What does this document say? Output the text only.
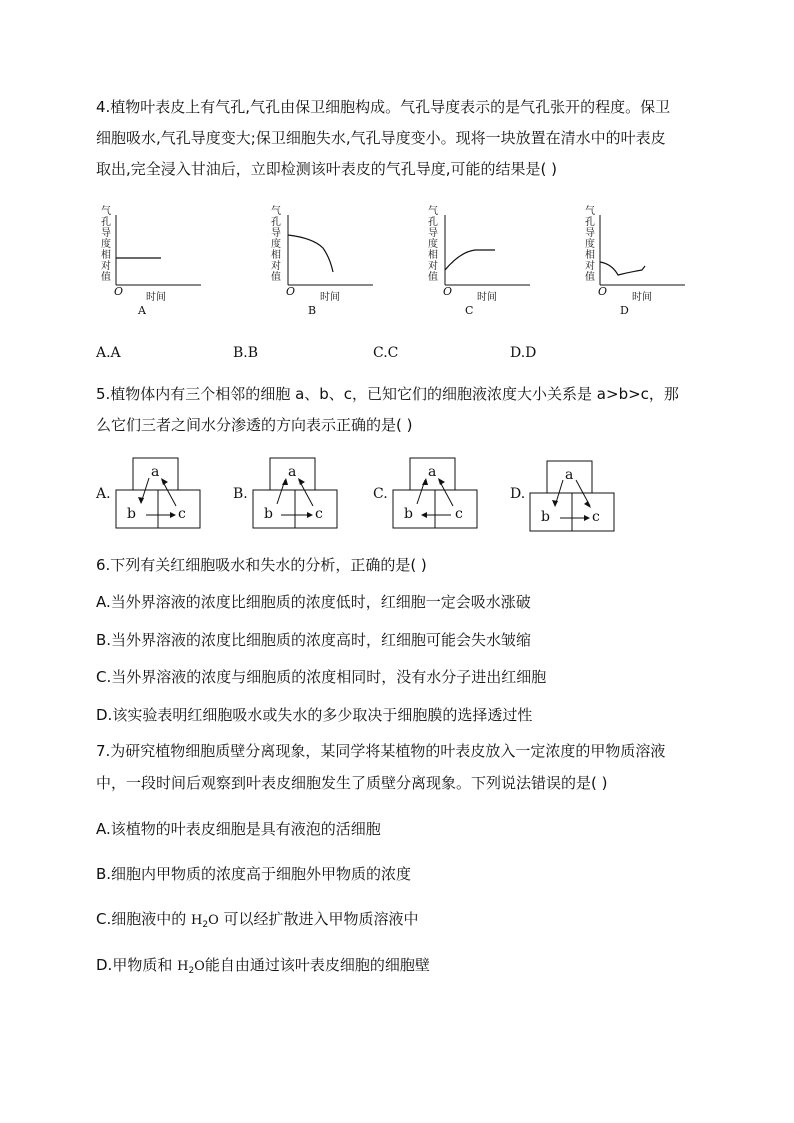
4.植物叶表皮上有气孔,气孔由保卫细胞构成。气孔导度表示的是气孔张开的程度。保卫
细胞吸水,气孔导度变大;保卫细胞失水,气孔导度变小。现将一块放置在清水中的叶表皮
取出,完全浸入甘油后，立即检测该叶表皮的气孔导度,可能的结果是( )
气孔导度相对值
O 时间
A
气孔导度相对值
O 时间
B
气孔导度相对值
O 时间
C
气孔导度相对值
O 时间
D
A.A	B.B	C.C	D.D
5.植物体内有三个相邻的细胞 a、b、c，已知它们的细胞液浓度大小关系是 a>b>c，那
么它们三者之间水分渗透的方向表示正确的是( )
A.
a
b	c
B.
a
b	c
C.
a
b	c
D.
a
b	c
6.下列有关红细胞吸水和失水的分析，正确的是( )
A.当外界溶液的浓度比细胞质的浓度低时，红细胞一定会吸水涨破
B.当外界溶液的浓度比细胞质的浓度高时，红细胞可能会失水皱缩
C.当外界溶液的浓度与细胞质的浓度相同时，没有水分子进出红细胞
D.该实验表明红细胞吸水或失水的多少取决于细胞膜的选择透过性
7.为研究植物细胞质壁分离现象，某同学将某植物的叶表皮放入一定浓度的甲物质溶液
中，一段时间后观察到叶表皮细胞发生了质壁分离现象。下列说法错误的是( )
A.该植物的叶表皮细胞是具有液泡的活细胞
B.细胞内甲物质的浓度高于细胞外甲物质的浓度
C.细胞液中的 $H_2O$ 可以经扩散进入甲物质溶液中
D.甲物质和 $H_2O$能自由通过该叶表皮细胞的细胞壁
